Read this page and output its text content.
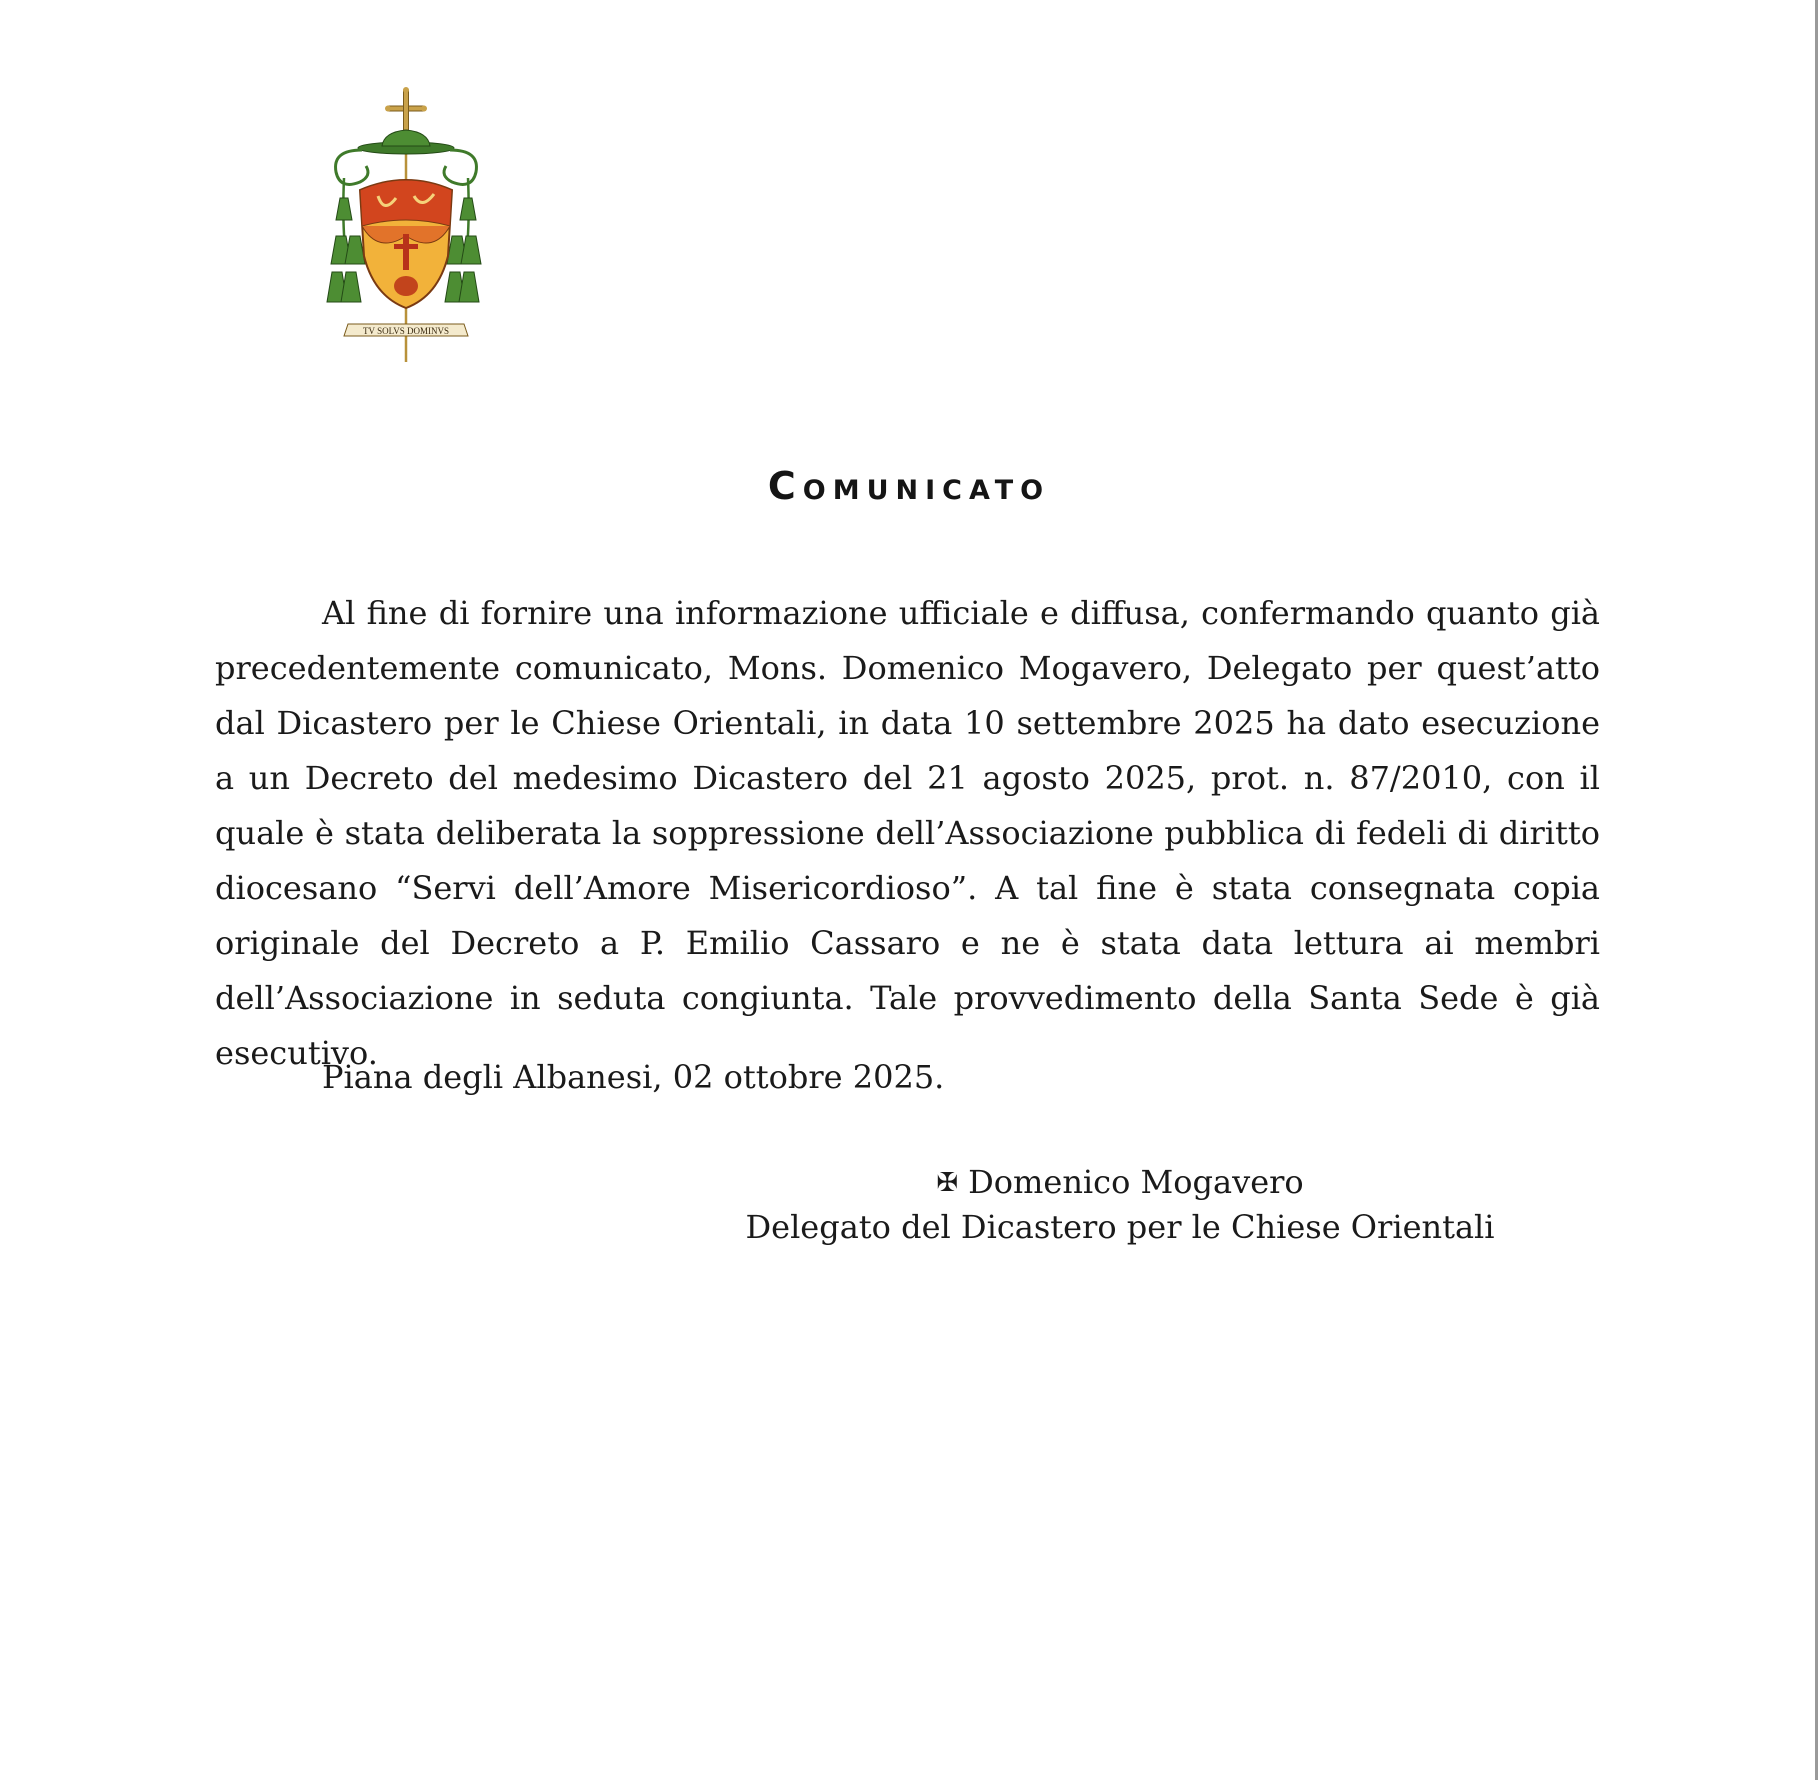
TV SOLVS DOMINVS
Comunicato

Al fine di fornire una informazione ufficiale e diffusa, confermando quanto già precedentemente comunicato, Mons. Domenico Mogavero, Delegato per quest’atto dal Dicastero per le Chiese Orientali, in data 10 settembre 2025 ha dato esecuzione a un Decreto del medesimo Dicastero del 21 agosto 2025, prot. n. 87/2010, con il quale è stata deliberata la soppressione dell’Associazione pubblica di fedeli di diritto diocesano “Servi dell’Amore Misericordioso”. A tal fine è stata consegnata copia originale del Decreto a P. Emilio Cassaro e ne è stata data lettura ai membri dell’Associazione in seduta congiunta. Tale provvedimento della Santa Sede è già esecutivo.

Piana degli Albanesi, 02 ottobre 2025.

✠ Domenico Mogavero
Delegato del Dicastero per le Chiese Orientali
